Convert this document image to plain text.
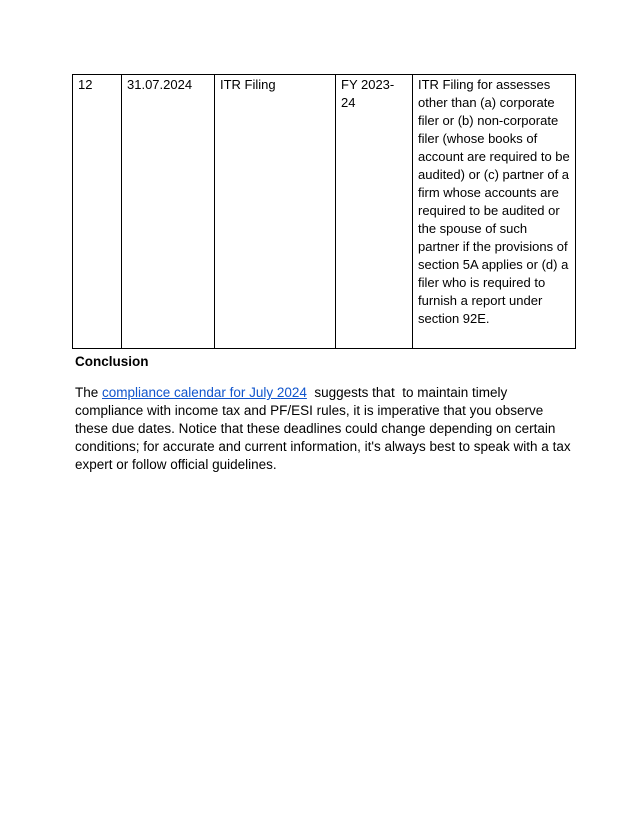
12	31.07.2024	ITR Filing	FY 2023-24	ITR Filing for assesses other than (a) corporate filer or (b) non-corporate filer (whose books of account are required to be audited) or (c) partner of a firm whose accounts are required to be audited or the spouse of such partner if the provisions of section 5A applies or (d) a filer who is required to furnish a report under section 92E.
Conclusion

The compliance calendar for July 2024  suggests that  to maintain timely compliance with income tax and PF/ESI rules, it is imperative that you observe these due dates. Notice that these deadlines could change depending on certain conditions; for accurate and current information, it's always best to speak with a tax expert or follow official guidelines.
